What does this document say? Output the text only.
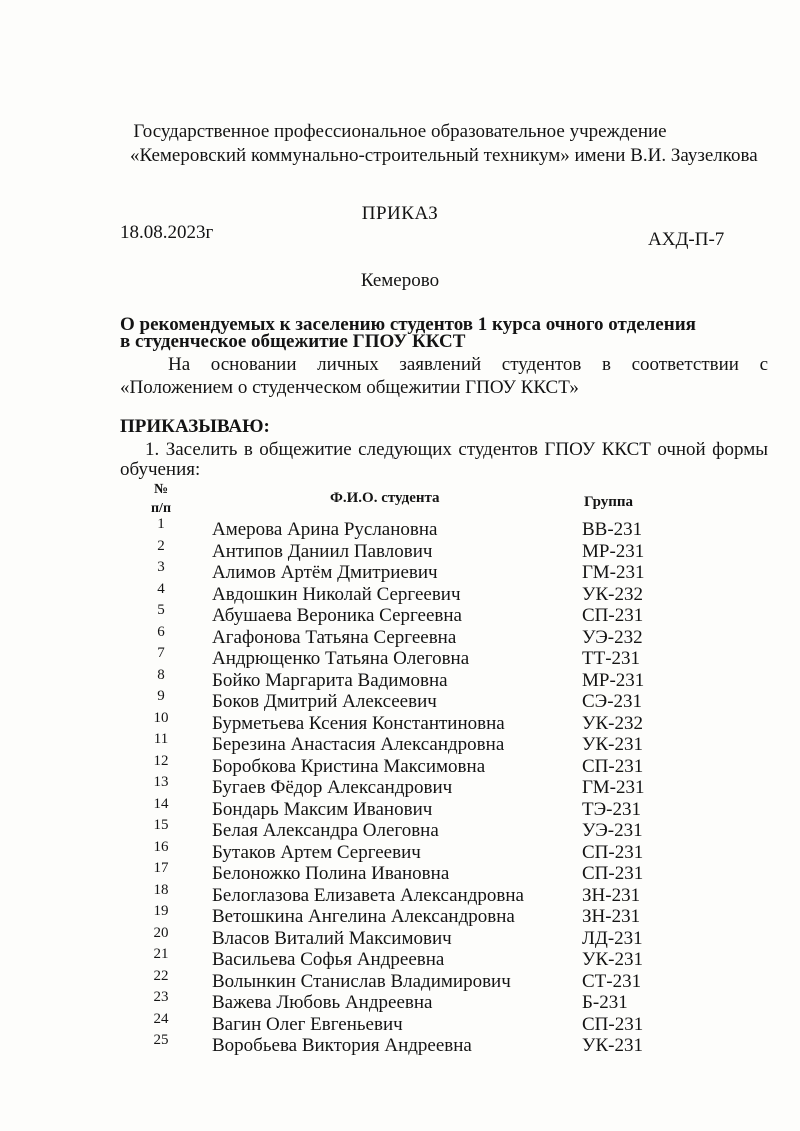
Государственное профессиональное образовательное учреждение
«Кемеровский коммунально-строительный техникум» имени В.И. Заузелкова
ПРИКАЗ
18.08.2023г	АХД-П-7
Кемерово
О рекомендуемых к заселению студентов 1 курса очного отделения
в студенческое общежитие ГПОУ ККСТ
На основании личных заявлений студентов в соответствии с
«Положением о студенческом общежитии ГПОУ ККСТ»
ПРИКАЗЫВАЮ:
1. Заселить в общежитие следующих студентов ГПОУ ККСТ очной формы
обучения:
№
п/п
Ф.И.О. студента	Группа
1	Амерова Арина Руслановна	ВВ-231
2	Антипов Даниил Павлович	МР-231
3	Алимов Артём Дмитриевич	ГМ-231
4	Авдошкин Николай Сергеевич	УК-232
5	Абушаева Вероника Сергеевна	СП-231
6	Агафонова Татьяна Сергеевна	УЭ-232
7	Андрющенко Татьяна Олеговна	ТТ-231
8	Бойко Маргарита Вадимовна	МР-231
9	Боков Дмитрий Алексеевич	СЭ-231
10	Бурметьева Ксения Константиновна	УК-232
11	Березина Анастасия Александровна	УК-231
12	Боробкова Кристина Максимовна	СП-231
13	Бугаев Фёдор Александрович	ГМ-231
14	Бондарь Максим Иванович	ТЭ-231
15	Белая Александра Олеговна	УЭ-231
16	Бутаков Артем Сергеевич	СП-231
17	Белоножко Полина Ивановна	СП-231
18	Белоглазова Елизавета Александровна	ЗН-231
19	Ветошкина Ангелина Александровна	ЗН-231
20	Власов Виталий Максимович	ЛД-231
21	Васильева Софья Андреевна	УК-231
22	Волынкин Станислав Владимирович	СТ-231
23	Важева Любовь Андреевна	Б-231
24	Вагин Олег Евгеньевич	СП-231
25	Воробьева Виктория Андреевна	УК-231
